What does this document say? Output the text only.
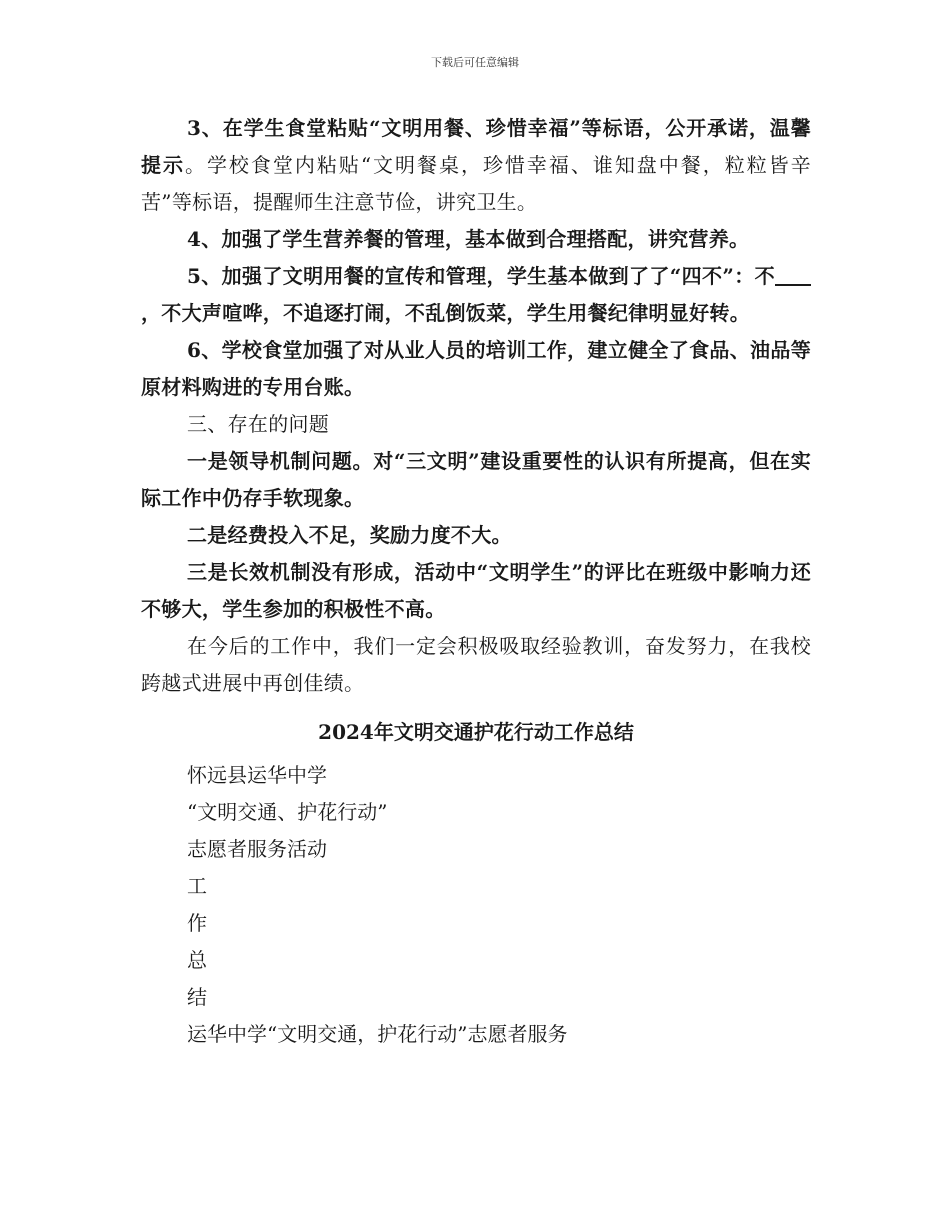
下载后可任意编辑

3、在学生食堂粘贴“文明用餐、珍惜幸福”等标语，公开承诺，温馨提示。学校食堂内粘贴“文明餐桌，珍惜幸福、谁知盘中餐，粒粒皆辛苦”等标语，提醒师生注意节俭，讲究卫生。

4、加强了学生营养餐的管理，基本做到合理搭配，讲究营养。

5、加强了文明用餐的宣传和管理，学生基本做到了了“四不”：不，不大声喧哗，不追逐打闹，不乱倒饭菜，学生用餐纪律明显好转。

6、学校食堂加强了对从业人员的培训工作，建立健全了食品、油品等原材料购进的专用台账。

三、存在的问题

一是领导机制问题。对“三文明”建设重要性的认识有所提高，但在实际工作中仍存手软现象。

二是经费投入不足，奖励力度不大。

三是长效机制没有形成，活动中“文明学生”的评比在班级中影响力还不够大，学生参加的积极性不高。

在今后的工作中，我们一定会积极吸取经验教训，奋发努力，在我校跨越式进展中再创佳绩。

2024年文明交通护花行动工作总结

怀远县运华中学

“文明交通、护花行动”

志愿者服务活动

工

作

总

结

运华中学“文明交通，护花行动”志愿者服务
